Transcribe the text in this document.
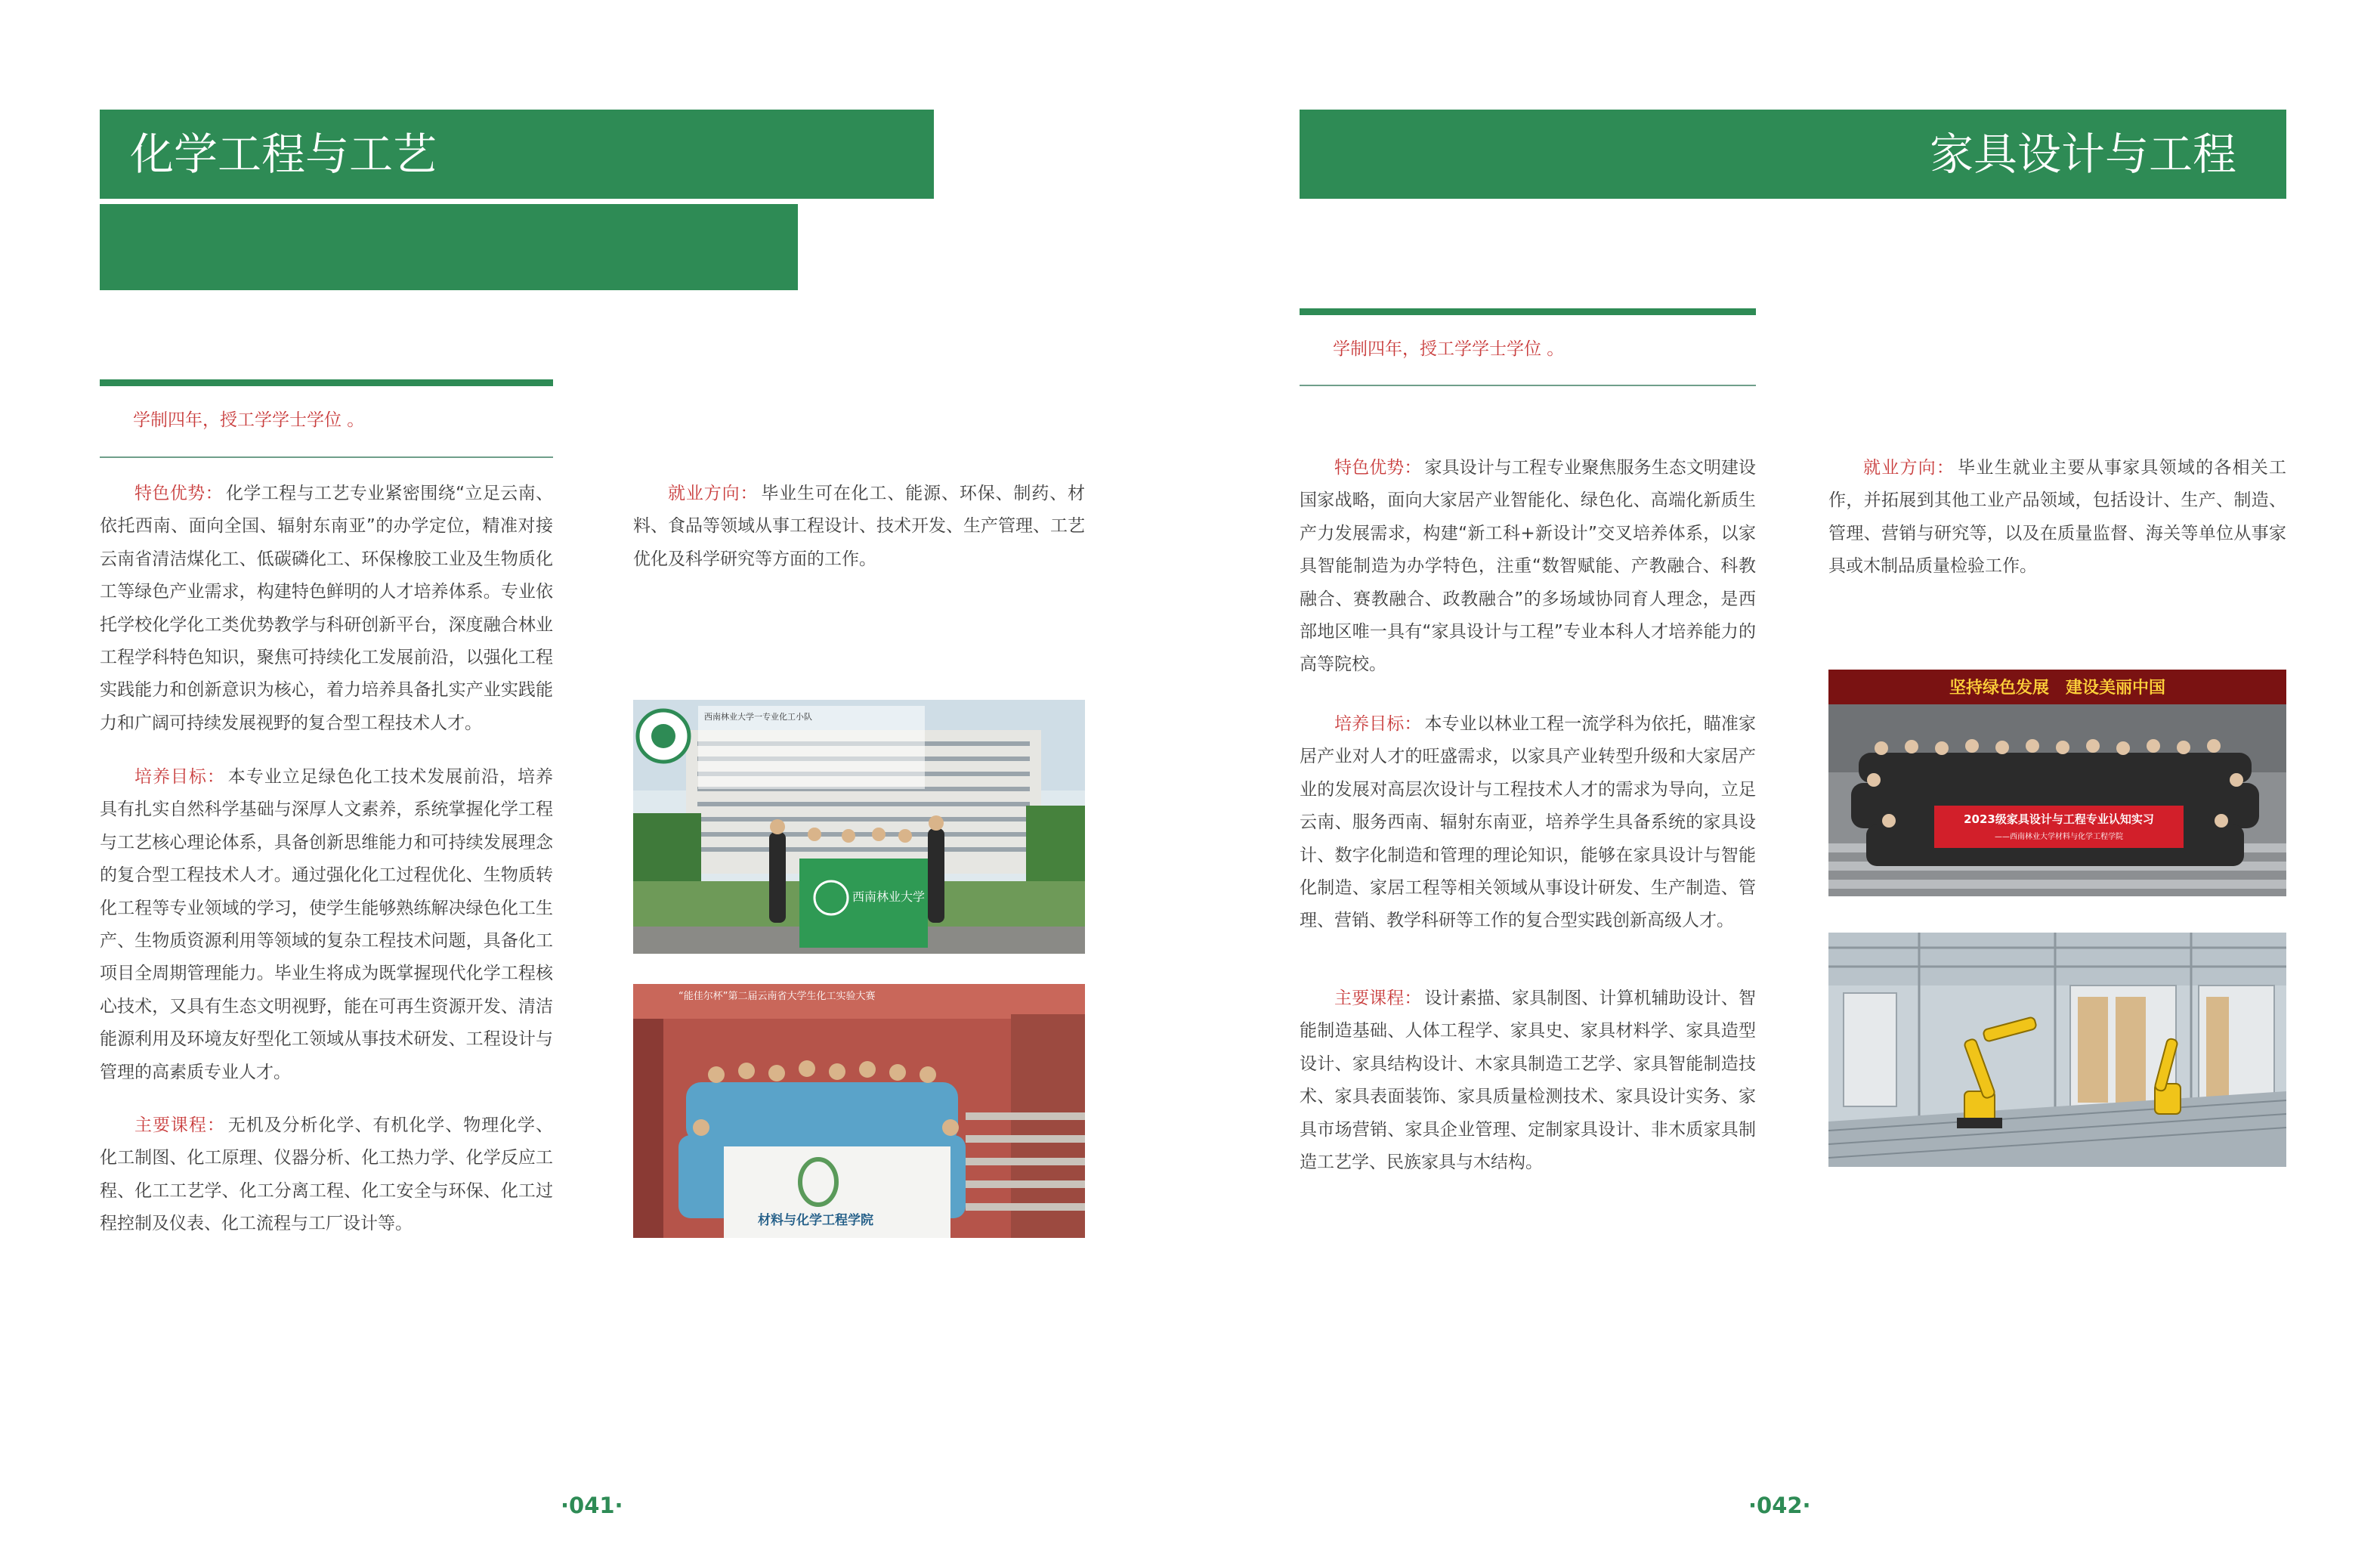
化学工程与工艺
学制四年，授工学学士学位 。
特色优势： 化学工程与工艺专业紧密围绕“立足云南、依托西南、面向全国、辐射东南亚”的办学定位，精准对接云南省清洁煤化工、低碳磷化工、环保橡胶工业及生物质化工等绿色产业需求，构建特色鲜明的人才培养体系。专业依托学校化学化工类优势教学与科研创新平台，深度融合林业工程学科特色知识，聚焦可持续化工发展前沿，以强化工程实践能力和创新意识为核心，着力培养具备扎实产业实践能力和广阔可持续发展视野的复合型工程技术人才。
培养目标： 本专业立足绿色化工技术发展前沿，培养具有扎实自然科学基础与深厚人文素养，系统掌握化学工程与工艺核心理论体系，具备创新思维能力和可持续发展理念的复合型工程技术人才。通过强化化工过程优化、生物质转化工程等专业领域的学习，使学生能够熟练解决绿色化工生产、生物质资源利用等领域的复杂工程技术问题，具备化工项目全周期管理能力。毕业生将成为既掌握现代化学工程核心技术，又具有生态文明视野，能在可再生资源开发、清洁能源利用及环境友好型化工领域从事技术研发、工程设计与管理的高素质专业人才。
主要课程： 无机及分析化学、有机化学、物理化学、化工制图、化工原理、仪器分析、化工热力学、化学反应工程、化工工艺学、化工分离工程、化工安全与环保、化工过程控制及仪表、化工流程与工厂设计等。
就业方向： 毕业生可在化工、能源、环保、制药、材料、食品等领域从事工程设计、技术开发、生产管理、工艺优化及科学研究等方面的工作。
西南林业大学一专业化工小队
西南林业大学
“能佳尔杯”第二届云南省大学生化工实验大赛
材料与化学工程学院
·041·
家具设计与工程
学制四年，授工学学士学位 。
特色优势： 家具设计与工程专业聚焦服务生态文明建设国家战略，面向大家居产业智能化、绿色化、高端化新质生产力发展需求，构建“新工科+新设计”交叉培养体系，以家具智能制造为办学特色，注重“数智赋能、产教融合、科教融合、赛教融合、政教融合”的多场域协同育人理念，是西部地区唯一具有“家具设计与工程”专业本科人才培养能力的高等院校。
培养目标： 本专业以林业工程一流学科为依托，瞄准家居产业对人才的旺盛需求，以家具产业转型升级和大家居产业的发展对高层次设计与工程技术人才的需求为导向，立足云南、服务西南、辐射东南亚，培养学生具备系统的家具设计、数字化制造和管理的理论知识，能够在家具设计与智能化制造、家居工程等相关领域从事设计研发、生产制造、管理、营销、教学科研等工作的复合型实践创新高级人才。
主要课程： 设计素描、家具制图、计算机辅助设计、智能制造基础、人体工程学、家具史、家具材料学、家具造型设计、家具结构设计、木家具制造工艺学、家具智能制造技术、家具表面装饰、家具质量检测技术、家具设计实务、家具市场营销、家具企业管理、定制家具设计、非木质家具制造工艺学、民族家具与木结构。
就业方向： 毕业生就业主要从事家具领域的各相关工作，并拓展到其他工业产品领域，包括设计、生产、制造、管理、营销与研究等，以及在质量监督、海关等单位从事家具或木制品质量检验工作。
坚持绿色发展　建设美丽中国
2023级家具设计与工程专业认知实习
——西南林业大学材料与化学工程学院
·042·
